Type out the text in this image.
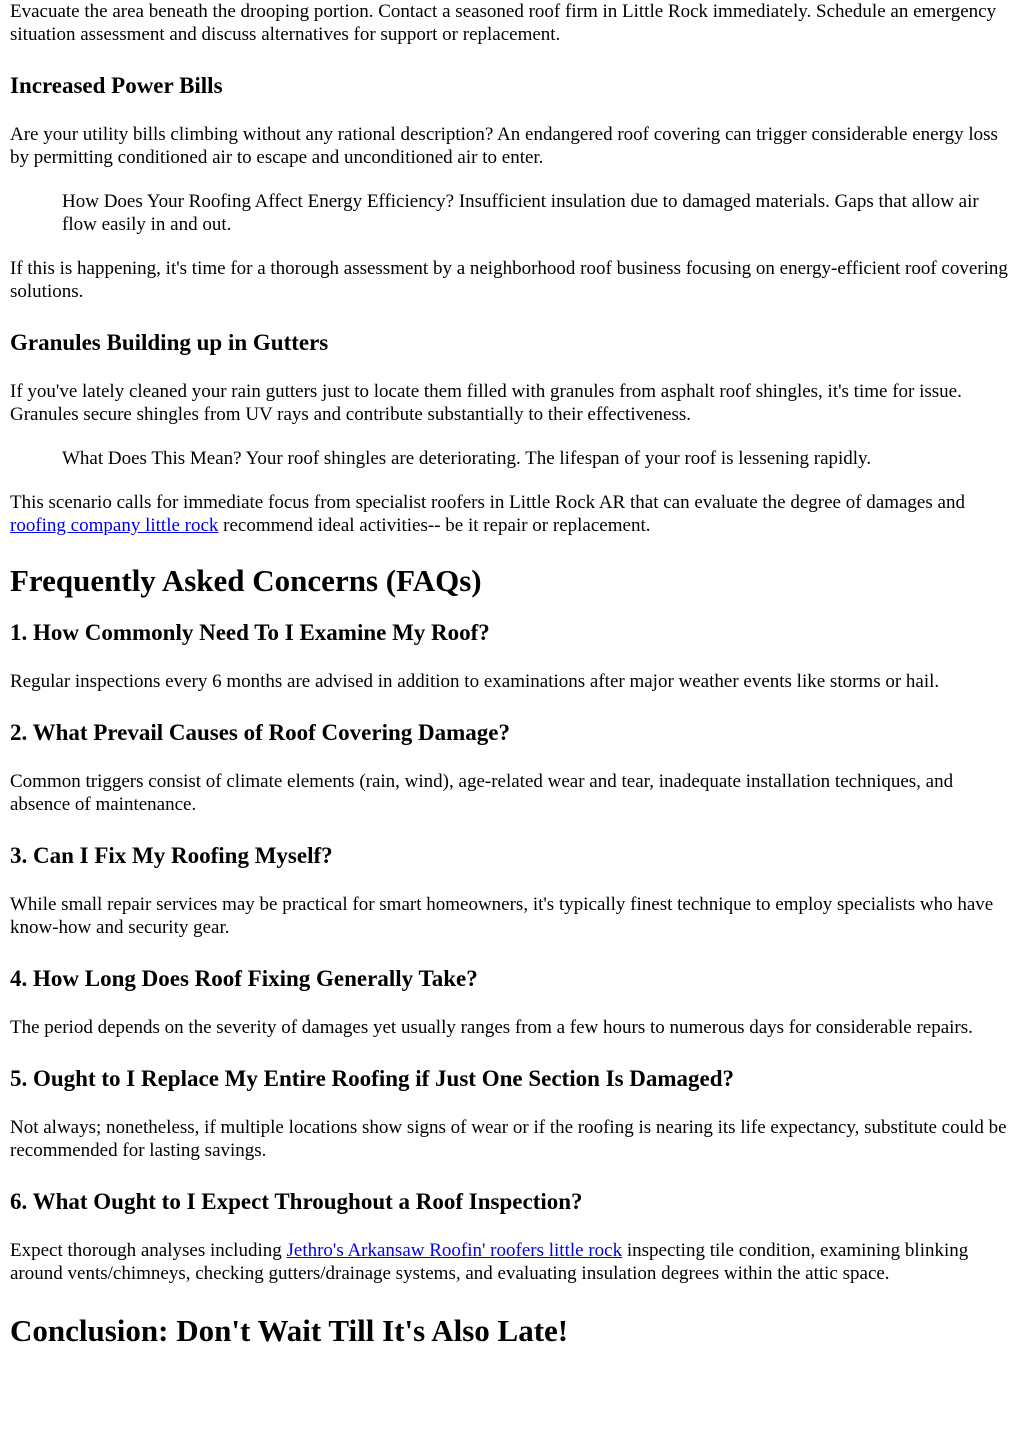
Evacuate the area beneath the drooping portion. Contact a seasoned roof firm in Little Rock immediately. Schedule an emergency situation assessment and discuss alternatives for support or replacement.

Increased Power Bills

Are your utility bills climbing without any rational description? An endangered roof covering can trigger considerable energy loss by permitting conditioned air to escape and unconditioned air to enter.

How Does Your Roofing Affect Energy Efficiency? Insufficient insulation due to damaged materials. Gaps that allow air flow easily in and out.

If this is happening, it's time for a thorough assessment by a neighborhood roof business focusing on energy-efficient roof covering solutions.

Granules Building up in Gutters

If you've lately cleaned your rain gutters just to locate them filled with granules from asphalt roof shingles, it's time for issue. Granules secure shingles from UV rays and contribute substantially to their effectiveness.

What Does This Mean? Your roof shingles are deteriorating. The lifespan of your roof is lessening rapidly.

This scenario calls for immediate focus from specialist roofers in Little Rock AR that can evaluate the degree of damages and roofing company little rock recommend ideal activities-- be it repair or replacement.

Frequently Asked Concerns (FAQs)
1. How Commonly Need To I Examine My Roof?

Regular inspections every 6 months are advised in addition to examinations after major weather events like storms or hail.

2. What Prevail Causes of Roof Covering Damage?

Common triggers consist of climate elements (rain, wind), age-related wear and tear, inadequate installation techniques, and absence of maintenance.

3. Can I Fix My Roofing Myself?

While small repair services may be practical for smart homeowners, it's typically finest technique to employ specialists who have know-how and security gear.

4. How Long Does Roof Fixing Generally Take?

The period depends on the severity of damages yet usually ranges from a few hours to numerous days for considerable repairs.

5. Ought to I Replace My Entire Roofing if Just One Section Is Damaged?

Not always; nonetheless, if multiple locations show signs of wear or if the roofing is nearing its life expectancy, substitute could be recommended for lasting savings.

6. What Ought to I Expect Throughout a Roof Inspection?

Expect thorough analyses including Jethro's Arkansaw Roofin' roofers little rock inspecting tile condition, examining blinking around vents/chimneys, checking gutters/drainage systems, and evaluating insulation degrees within the attic space.

Conclusion: Don't Wait Till It's Also Late!
